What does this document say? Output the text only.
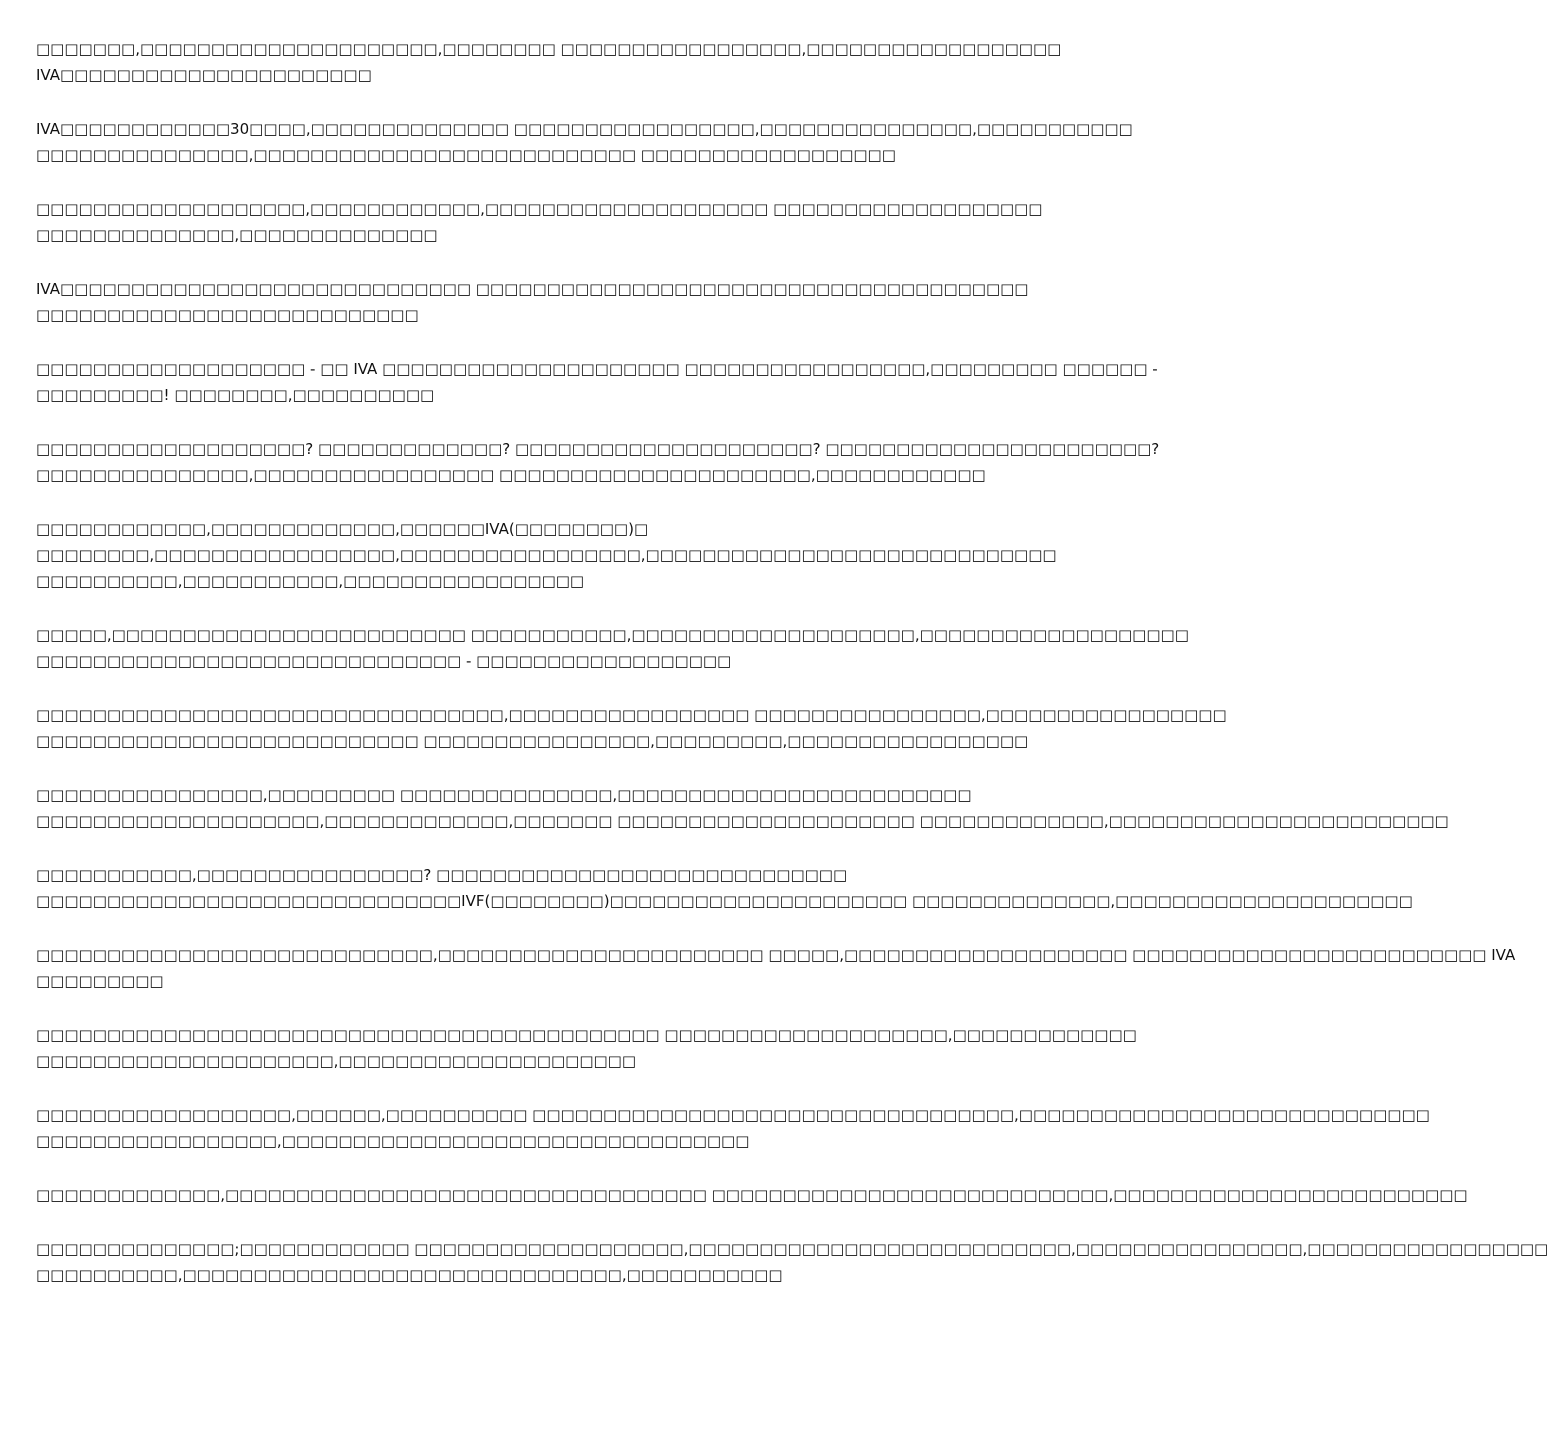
□□□□□□□,□□□□□□□□□□□□□□□□□□□□□,□□□□□□□□ □□□□□□□□□□□□□□□□□,□□□□□□□□□□□□□□□□□□
IVA□□□□□□□□□□□□□□□□□□□□□□
IVA□□□□□□□□□□□□30□□□□,□□□□□□□□□□□□□□ □□□□□□□□□□□□□□□□□,□□□□□□□□□□□□□□□,□□□□□□□□□□□
□□□□□□□□□□□□□□□,□□□□□□□□□□□□□□□□□□□□□□□□□□□ □□□□□□□□□□□□□□□□□□
□□□□□□□□□□□□□□□□□□□,□□□□□□□□□□□□,□□□□□□□□□□□□□□□□□□□□ □□□□□□□□□□□□□□□□□□□
□□□□□□□□□□□□□□,□□□□□□□□□□□□□□
IVA□□□□□□□□□□□□□□□□□□□□□□□□□□□□□ □□□□□□□□□□□□□□□□□□□□□□□□□□□□□□□□□□□□□□□
□□□□□□□□□□□□□□□□□□□□□□□□□□□
□□□□□□□□□□□□□□□□□□□ - □□ IVA □□□□□□□□□□□□□□□□□□□□□ □□□□□□□□□□□□□□□□□,□□□□□□□□□ □□□□□□ -
□□□□□□□□□! □□□□□□□□,□□□□□□□□□□
□□□□□□□□□□□□□□□□□□□? □□□□□□□□□□□□□? □□□□□□□□□□□□□□□□□□□□□? □□□□□□□□□□□□□□□□□□□□□□□?
□□□□□□□□□□□□□□□,□□□□□□□□□□□□□□□□□ □□□□□□□□□□□□□□□□□□□□□□,□□□□□□□□□□□□
□□□□□□□□□□□□,□□□□□□□□□□□□□,□□□□□□IVA(□□□□□□□□)□
□□□□□□□□,□□□□□□□□□□□□□□□□□,□□□□□□□□□□□□□□□□□,□□□□□□□□□□□□□□□□□□□□□□□□□□□□□
□□□□□□□□□□,□□□□□□□□□□□,□□□□□□□□□□□□□□□□□
□□□□□,□□□□□□□□□□□□□□□□□□□□□□□□□ □□□□□□□□□□□,□□□□□□□□□□□□□□□□□□□□,□□□□□□□□□□□□□□□□□□□
□□□□□□□□□□□□□□□□□□□□□□□□□□□□□□ - □□□□□□□□□□□□□□□□□□
□□□□□□□□□□□□□□□□□□□□□□□□□□□□□□□□□,□□□□□□□□□□□□□□□□□ □□□□□□□□□□□□□□□□,□□□□□□□□□□□□□□□□□
□□□□□□□□□□□□□□□□□□□□□□□□□□□ □□□□□□□□□□□□□□□□,□□□□□□□□□,□□□□□□□□□□□□□□□□□
□□□□□□□□□□□□□□□□,□□□□□□□□□ □□□□□□□□□□□□□□□,□□□□□□□□□□□□□□□□□□□□□□□□□
□□□□□□□□□□□□□□□□□□□□,□□□□□□□□□□□□□,□□□□□□□ □□□□□□□□□□□□□□□□□□□□□ □□□□□□□□□□□□□,□□□□□□□□□□□□□□□□□□□□□□□□
□□□□□□□□□□□,□□□□□□□□□□□□□□□□? □□□□□□□□□□□□□□□□□□□□□□□□□□□□□
□□□□□□□□□□□□□□□□□□□□□□□□□□□□□□IVF(□□□□□□□□)□□□□□□□□□□□□□□□□□□□□□ □□□□□□□□□□□□□□,□□□□□□□□□□□□□□□□□□□□□
□□□□□□□□□□□□□□□□□□□□□□□□□□□□,□□□□□□□□□□□□□□□□□□□□□□□ □□□□□,□□□□□□□□□□□□□□□□□□□□ □□□□□□□□□□□□□□□□□□□□□□□□□ IVA
□□□□□□□□□
□□□□□□□□□□□□□□□□□□□□□□□□□□□□□□□□□□□□□□□□□□□□ □□□□□□□□□□□□□□□□□□□□,□□□□□□□□□□□□□
□□□□□□□□□□□□□□□□□□□□□,□□□□□□□□□□□□□□□□□□□□□
□□□□□□□□□□□□□□□□□□,□□□□□□,□□□□□□□□□□ □□□□□□□□□□□□□□□□□□□□□□□□□□□□□□□□□□,□□□□□□□□□□□□□□□□□□□□□□□□□□□□□
□□□□□□□□□□□□□□□□□,□□□□□□□□□□□□□□□□□□□□□□□□□□□□□□□□□
□□□□□□□□□□□□□,□□□□□□□□□□□□□□□□□□□□□□□□□□□□□□□□□□ □□□□□□□□□□□□□□□□□□□□□□□□□□□□,□□□□□□□□□□□□□□□□□□□□□□□□□
□□□□□□□□□□□□□□;□□□□□□□□□□□□ □□□□□□□□□□□□□□□□□□□,□□□□□□□□□□□□□□□□□□□□□□□□□□□,□□□□□□□□□□□□□□□□,□□□□□□□□□□□□□□□□□
□□□□□□□□□□,□□□□□□□□□□□□□□□□□□□□□□□□□□□□□□□,□□□□□□□□□□□
